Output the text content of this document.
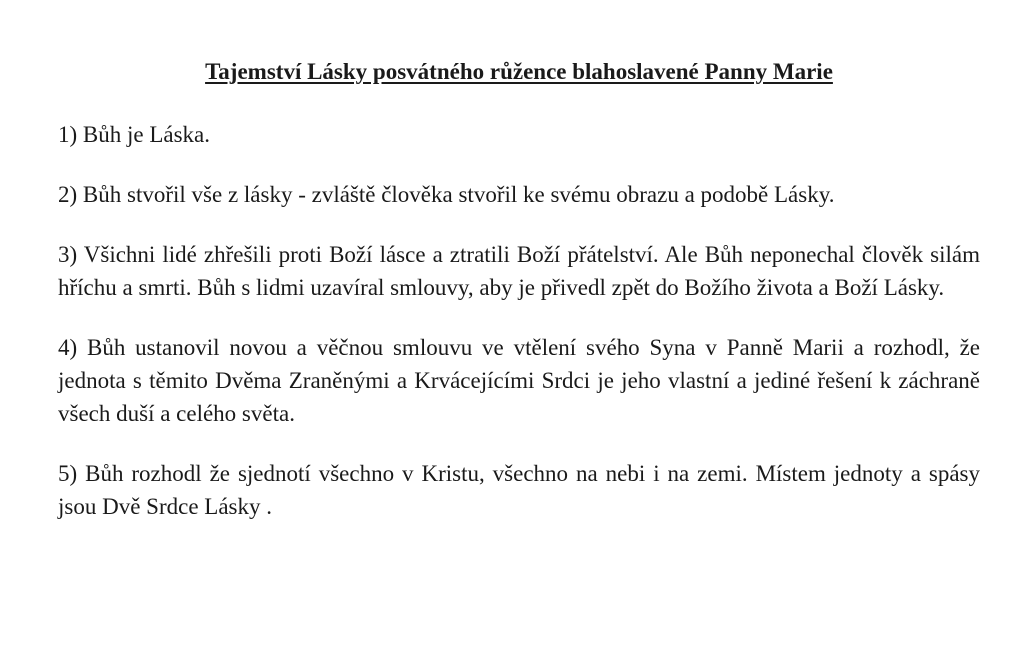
Tajemství Lásky posvátného růžence blahoslavené Panny Marie
1) Bůh je Láska.
2) Bůh stvořil vše z lásky - zvláště člověka stvořil ke svému obrazu a podobě Lásky.
3) Všichni lidé zhřešili proti Boží lásce a ztratili Boží přátelství. Ale Bůh neponechal člověk silám hříchu a smrti. Bůh s lidmi uzavíral smlouvy, aby je přivedl zpět do Božího života a Boží Lásky.
4) Bůh ustanovil novou a věčnou smlouvu ve vtělení svého Syna v Panně Marii a rozhodl, že jednota s těmito Dvěma Zraněnými a Krvácejícími Srdci je jeho vlastní a jediné řešení k záchraně všech duší a celého světa.
5) Bůh rozhodl že sjednotí všechno v Kristu, všechno na nebi i na zemi. Místem jednoty a spásy jsou Dvě Srdce Lásky .
